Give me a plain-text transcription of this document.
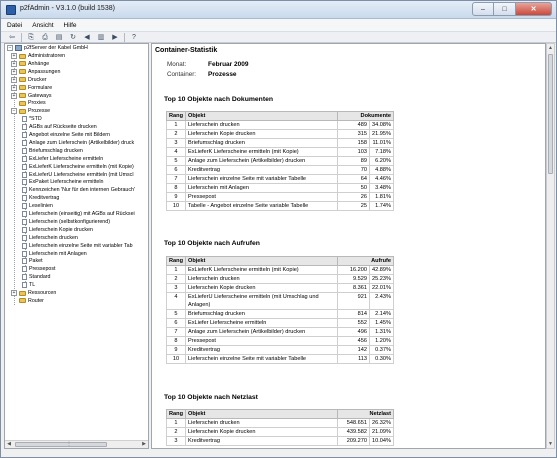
p2fAdmin - V3.1.0 (build 1538)	–	□	✕
Datei Ansicht Hilfe
⇦	⎘	⎙	▤ ↻	◀	▥	▶	?
− p2fServer der Kabel GmbH
+ Administratoren
+ Anhänge
+ Anpassungen
+ Drucker
+ Formulare
+ Gateways
Proxies
− Prozesse
*STD
AGBs auf Rückseite drucken
Angebot einzelne Seite mit Bildern
Anlage zum Lieferschein (Artikelbilder) druck
Briefumschlag drucken
ExLiefer Lieferscheine ermitteln
ExLieferK Lieferscheine ermitteln (mit Kopie)
ExLieferU Lieferscheine ermitteln (mit Umscl
ExPaket Lieferscheine ermitteln
Kennzeichen 'Nur für den internen Gebrauch'
Kreditvertrag
Leselinien
Lieferschein (einseitig) mit AGBs auf Rücksei
Lieferschein (selbstkonfigurierend)
Lieferschein Kopie drucken
Lieferschein drucken
Lieferschein einzelne Seite mit variabler Tab
Lieferschein mit Anlagen
Paket
Pressepost
Standard
TL
+ Ressourcen
Router
◀	⋮	▶
Container-Statistik
Monat:	Februar 2009
Container: Prozesse
Top 10 Objekte nach Dokumenten
Rang	Objekt	Dokumente	
1	Lieferschein drucken	489	34.08%
2	Lieferschein Kopie drucken	315	21.95%
3	Briefumschlag drucken	158	11.01%
4	ExLieferK Lieferscheine ermitteln (mit Kopie)	103	7.18%
5	Anlage zum Lieferschein (Artikelbilder) drucken	89	6.20%
6	Kreditvertrag	70	4.88%
7	Lieferschein einzelne Seite mit variabler Tabelle	64	4.46%
8	Lieferschein mit Anlagen	50	3.48%
9	Pressepost	26	1.81%
10	Tabelle - Angebot einzelne Seite variable Tabelle	25	1.74%
Top 10 Objekte nach Aufrufen
Rang	Objekt	Aufrufe	
1	ExLieferK Lieferscheine ermitteln (mit Kopie)	16.200	42.89%
2	Lieferschein drucken	9.529	25.23%
3	Lieferschein Kopie drucken	8.361	22.01%
4	ExLieferU Lieferscheine ermitteln (mit Umschlag und Anlagen)	921	2.43%
5	Briefumschlag drucken	814	2.14%
6	ExLiefer Lieferscheine ermitteln	552	1.45%
7	Anlage zum Lieferschein (Artikelbilder) drucken	496	1.31%
8	Pressepost	456	1.20%
9	Kreditvertrag	142	0.37%
10	Lieferschein einzelne Seite mit variabler Tabelle	113	0.30%
Top 10 Objekte nach Netzlast
Rang	Objekt	Netzlast	
1	Lieferschein drucken	548.651	26.32%
2	Lieferschein Kopie drucken	439.582	21.09%
3	Kreditvertrag	209.270	10.04%
▲
▼
